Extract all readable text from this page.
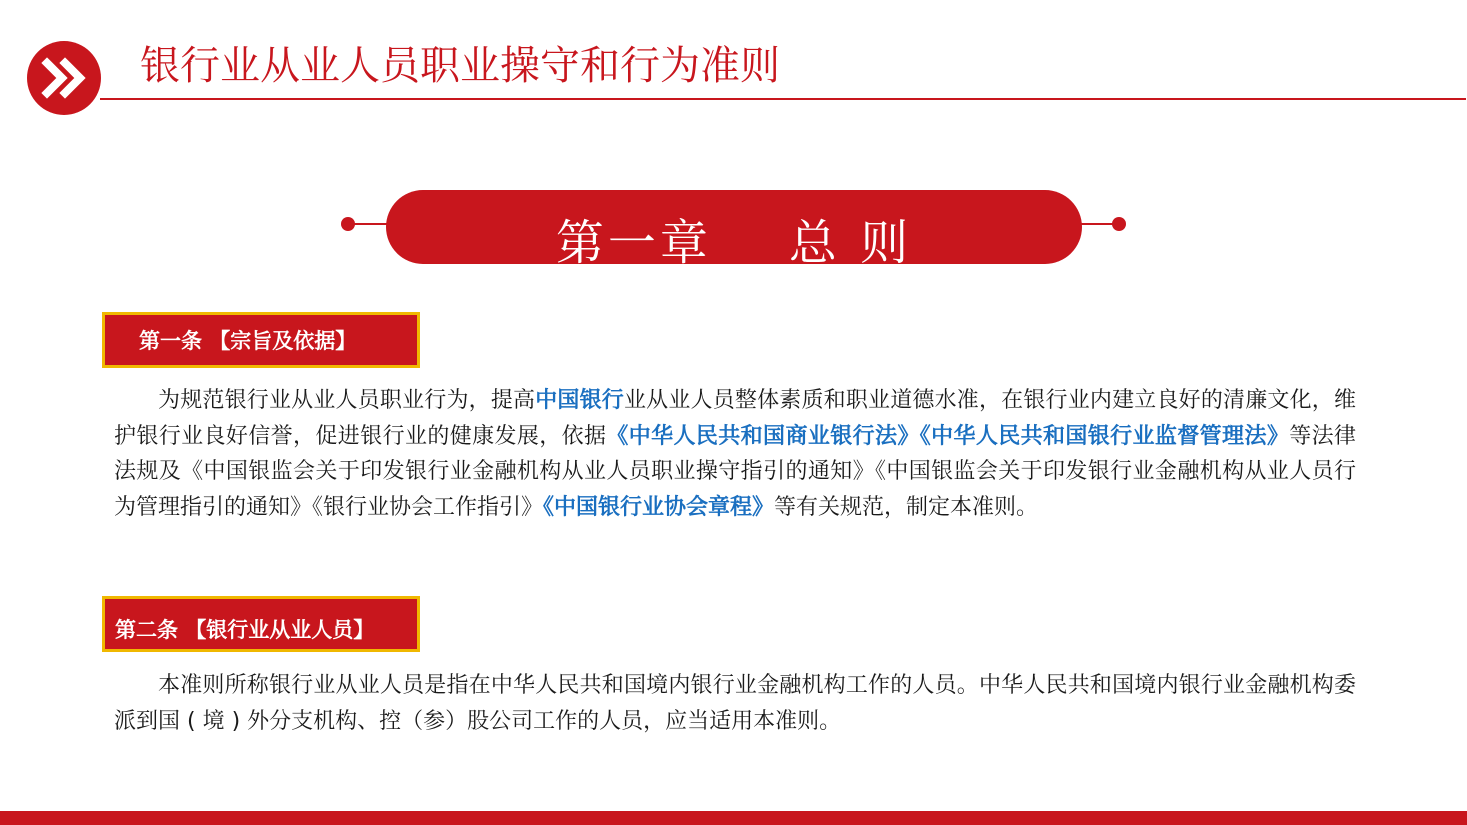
银行业从业人员职业操守和行为准则
第一章    总 则
第一条 【宗旨及依据】

为规范银行业从业人员职业行为，提高中国银行业从业人员整体素质和职业道德水准，在银行业内建立良好的清廉文化，维护银行业良好信誉，促进银行业的健康发展，依据《中华人民共和国商业银行法》《中华人民共和国银行业监督管理法》等法律法规及《中国银监会关于印发银行业金融机构从业人员职业操守指引的通知》《中国银监会关于印发银行业金融机构从业人员行为管理指引的通知》《银行业协会工作指引》《中国银行业协会章程》等有关规范，制定本准则。

第二条 【银行业从业人员】

本准则所称银行业从业人员是指在中华人民共和国境内银行业金融机构工作的人员。中华人民共和国境内银行业金融机构委派到国 ( 境 ) 外分支机构、控（参）股公司工作的人员，应当适用本准则。
